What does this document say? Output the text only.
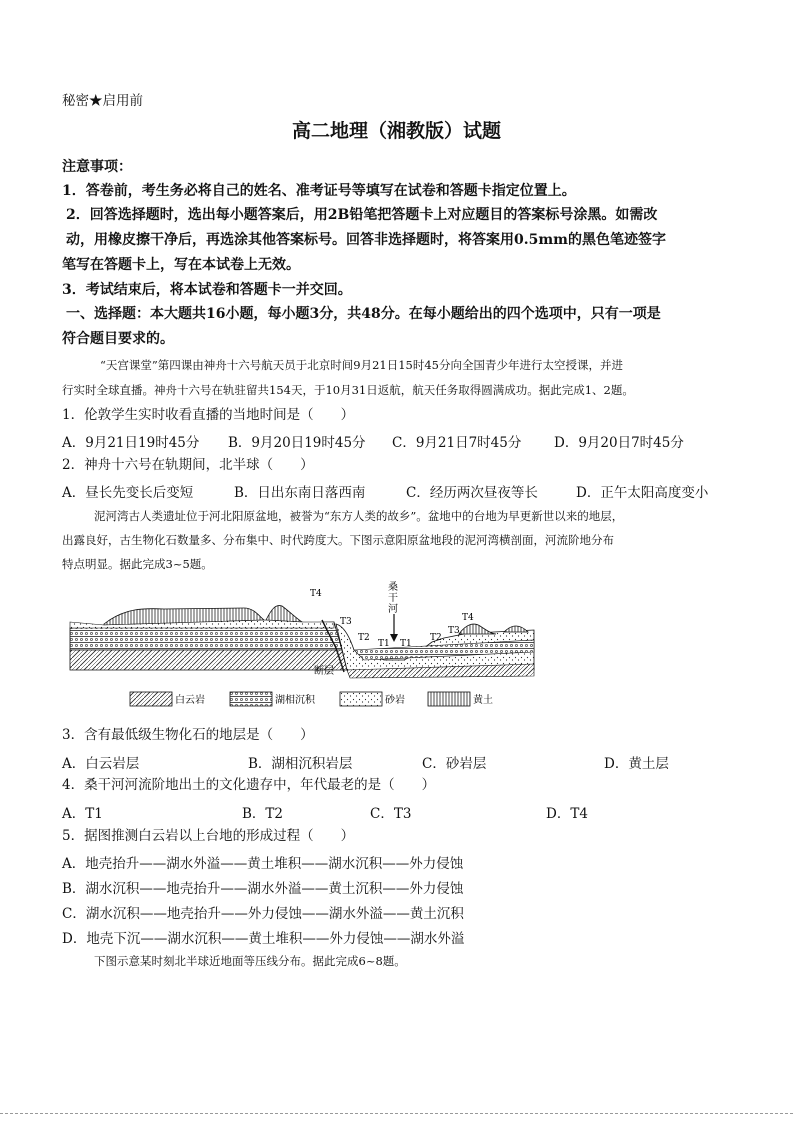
秘密★启用前
高二地理（湘教版）试题
注意事项：
1．答卷前，考生务必将自己的姓名、准考证号等填写在试卷和答题卡指定位置上。
2．回答选择题时，选出每小题答案后，用2B铅笔把答题卡上对应题目的答案标号涂黑。如需改
动，用橡皮擦干净后，再选涂其他答案标号。回答非选择题时，将答案用0.5mm的黑色笔迹签字
笔写在答题卡上，写在本试卷上无效。
3．考试结束后，将本试卷和答题卡一并交回。
一、选择题：本大题共16小题，每小题3分，共48分。在每小题给出的四个选项中，只有一项是
符合题目要求的。
“天宫课堂”第四课由神舟十六号航天员于北京时间9月21日15时45分向全国青少年进行太空授课，并进
行实时全球直播。神舟十六号在轨驻留共154天，于10月31日返航，航天任务取得圆满成功。据此完成1、2题。
1．伦敦学生实时收看直播的当地时间是（　　）
A．9月21日19时45分 B．9月20日19时45分 C．9月21日7时45分 D．9月20日7时45分
2．神舟十六号在轨期间，北半球（　　）
A．昼长先变长后变短	B．日出东南日落西南	C．经历两次昼夜等长	D．正午太阳高度变小
泥河湾古人类遗址位于河北阳原盆地，被誉为“东方人类的故乡”。盆地中的台地为早更新世以来的地层，
出露良好，古生物化石数量多、分布集中、时代跨度大。下图示意阳原盆地段的泥河湾横剖面，河流阶地分布
特点明显。据此完成3~5题。
T4
T3
T2
T1 T1
T2
T3
T4
桑
干
河
断层
白云岩	湖相沉积	砂岩	黄土
3．含有最低级生物化石的地层是（　　）
A．白云岩层	B．湖相沉积岩层	C．砂岩层	D．黄土层
4．桑干河河流阶地出土的文化遗存中，年代最老的是（　　）
A．T1	B．T2	C．T3	D．T4
5．据图推测白云岩以上台地的形成过程（　　）
A．地壳抬升——湖水外溢——黄土堆积——湖水沉积——外力侵蚀
B．湖水沉积——地壳抬升——湖水外溢——黄土沉积——外力侵蚀
C．湖水沉积——地壳抬升——外力侵蚀——湖水外溢——黄土沉积
D．地壳下沉——湖水沉积——黄土堆积——外力侵蚀——湖水外溢
下图示意某时刻北半球近地面等压线分布。据此完成6~8题。
